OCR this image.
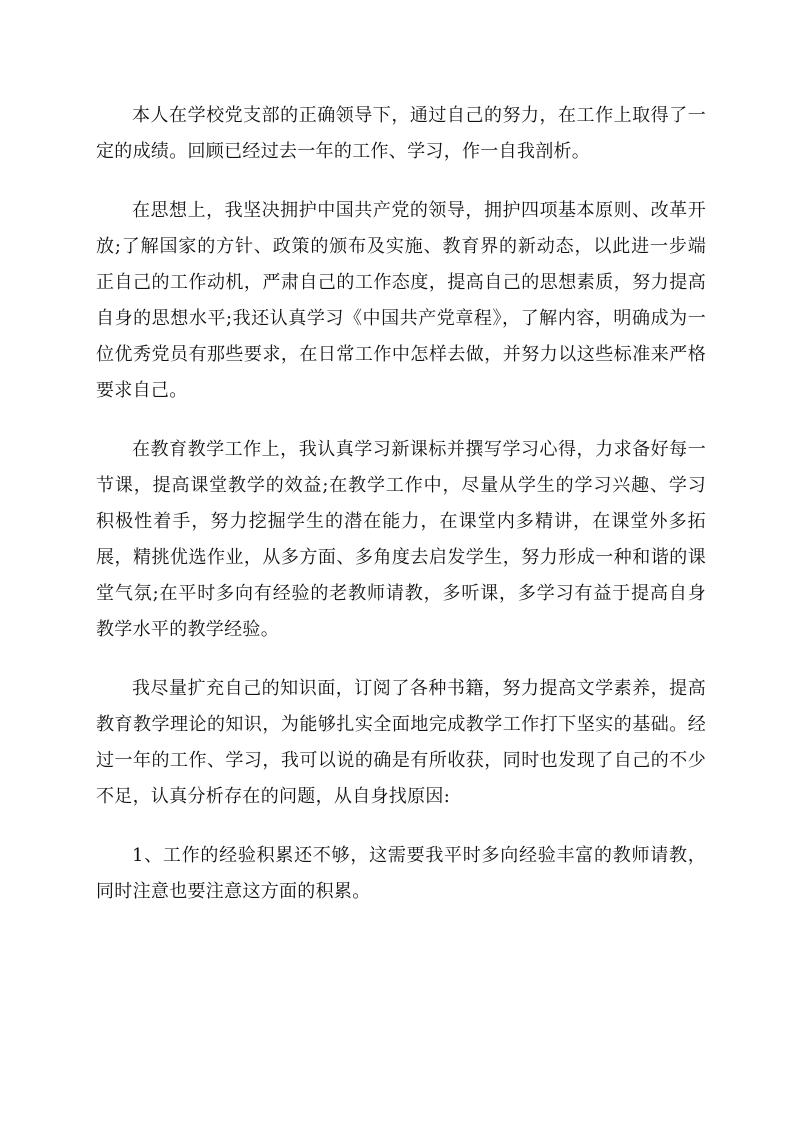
本人在学校党支部的正确领导下，通过自己的努力，在工作上取得了一定的成绩。回顾已经过去一年的工作、学习，作一自我剖析。

在思想上，我坚决拥护中国共产党的领导，拥护四项基本原则、改革开放;了解国家的方针、政策的颁布及实施、教育界的新动态，以此进一步端正自己的工作动机，严肃自己的工作态度，提高自己的思想素质，努力提高自身的思想水平;我还认真学习《中国共产党章程》，了解内容，明确成为一位优秀党员有那些要求，在日常工作中怎样去做，并努力以这些标准来严格要求自己。

在教育教学工作上，我认真学习新课标并撰写学习心得，力求备好每一节课，提高课堂教学的效益;在教学工作中，尽量从学生的学习兴趣、学习积极性着手，努力挖掘学生的潜在能力，在课堂内多精讲，在课堂外多拓展，精挑优选作业，从多方面、多角度去启发学生，努力形成一种和谐的课堂气氛;在平时多向有经验的老教师请教，多听课，多学习有益于提高自身教学水平的教学经验。

我尽量扩充自己的知识面，订阅了各种书籍，努力提高文学素养，提高教育教学理论的知识，为能够扎实全面地完成教学工作打下坚实的基础。经过一年的工作、学习，我可以说的确是有所收获，同时也发现了自己的不少不足，认真分析存在的问题，从自身找原因:

1、工作的经验积累还不够，这需要我平时多向经验丰富的教师请教，同时注意也要注意这方面的积累。
